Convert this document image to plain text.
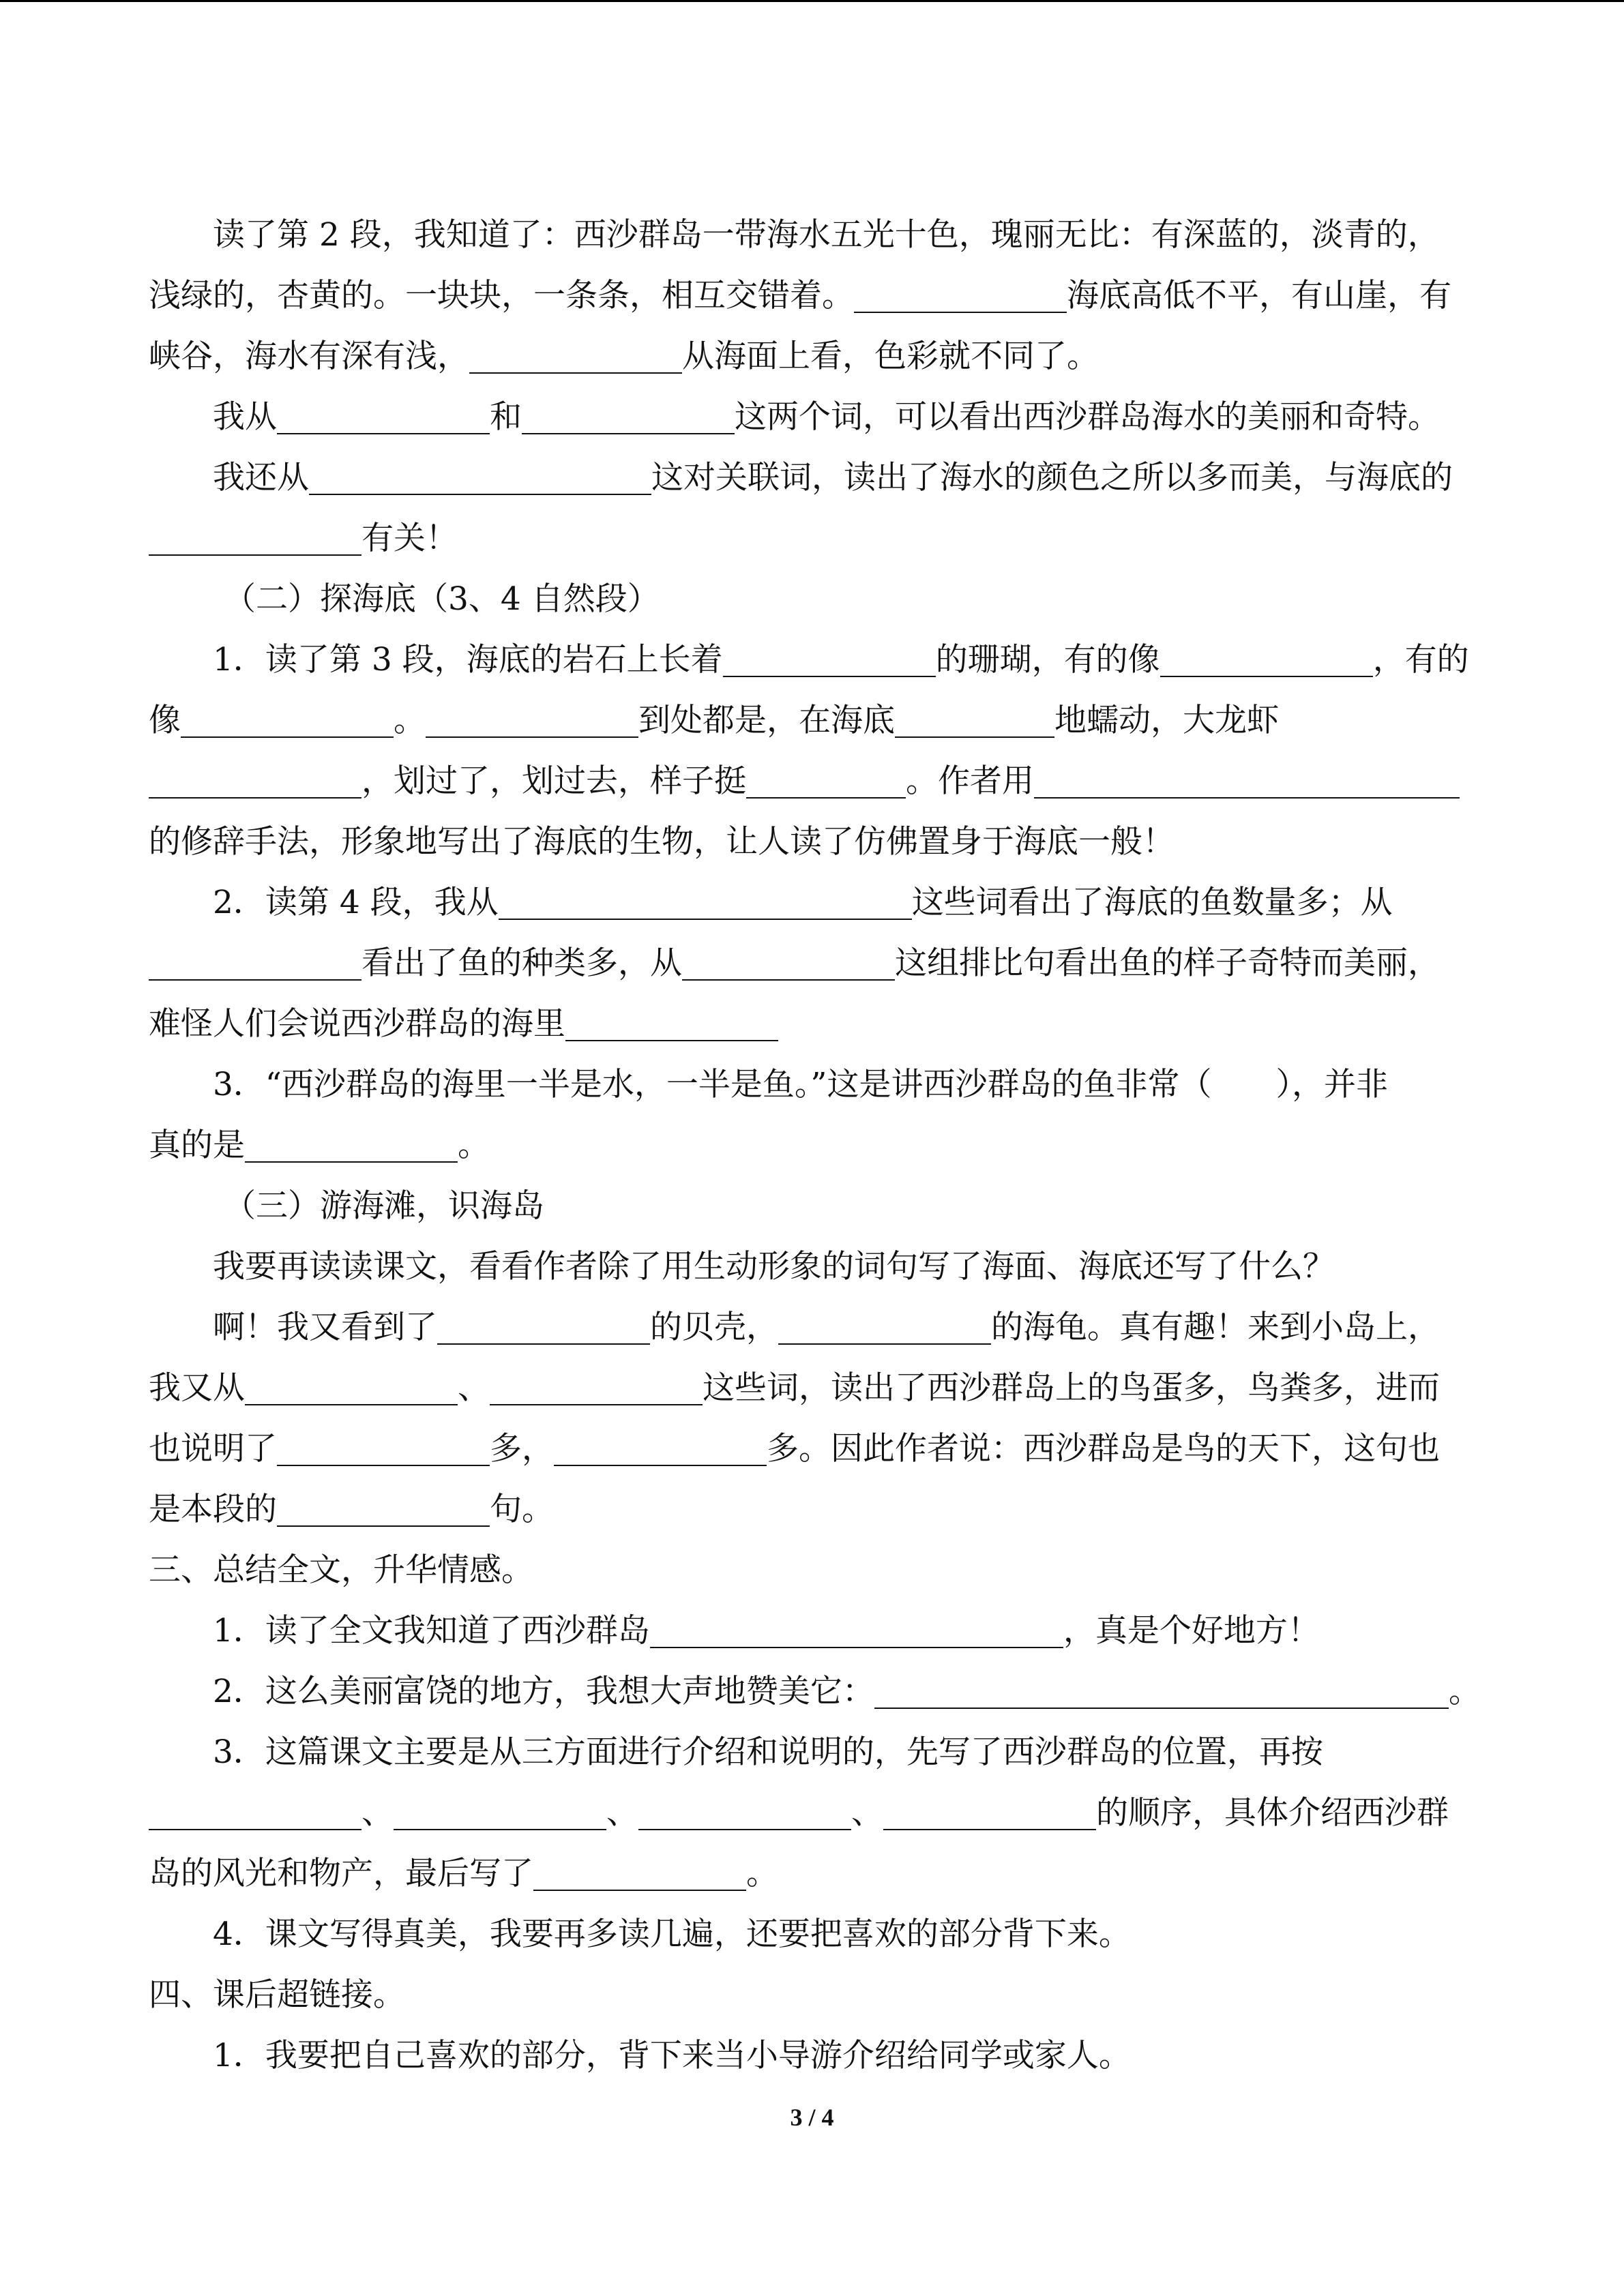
读了第 2 段，我知道了：西沙群岛一带海水五光十色，瑰丽无比：有深蓝的，淡青的，
浅绿的，杏黄的。一块块，一条条，相互交错着。	海底高低不平，有山崖，有
峡谷，海水有深有浅，	从海面上看，色彩就不同了。
我从	和	这两个词，可以看出西沙群岛海水的美丽和奇特。
我还从	这对关联词，读出了海水的颜色之所以多而美，与海底的
有关！
（二）探海底（3、4 自然段）
1．读了第 3 段，海底的岩石上长着	的珊瑚，有的像	，有的
像	。	到处都是，在海底	地蠕动，大龙虾
，划过了，划过去，样子挺	。作者用
的修辞手法，形象地写出了海底的生物，让人读了仿佛置身于海底一般！
2．读第 4 段，我从	这些词看出了海底的鱼数量多；从
看出了鱼的种类多，从	这组排比句看出鱼的样子奇特而美丽，
难怪人们会说西沙群岛的海里
3．“西沙群岛的海里一半是水，一半是鱼。”这是讲西沙群岛的鱼非常（　　），并非
真的是	。
（三）游海滩，识海岛
我要再读读课文，看看作者除了用生动形象的词句写了海面、海底还写了什么？
啊！我又看到了	的贝壳，	的海龟。真有趣！来到小岛上，
我又从	、	这些词，读出了西沙群岛上的鸟蛋多，鸟粪多，进而
也说明了	多，	多。因此作者说：西沙群岛是鸟的天下，这句也
是本段的	句。
三、总结全文，升华情感。
1．读了全文我知道了西沙群岛	，真是个好地方！
2．这么美丽富饶的地方，我想大声地赞美它：	。
3．这篇课文主要是从三方面进行介绍和说明的，先写了西沙群岛的位置，再按
、	、	、	的顺序，具体介绍西沙群
岛的风光和物产，最后写了	。
4．课文写得真美，我要再多读几遍，还要把喜欢的部分背下来。
四、课后超链接。
1．我要把自己喜欢的部分，背下来当小导游介绍给同学或家人。
3 / 4
